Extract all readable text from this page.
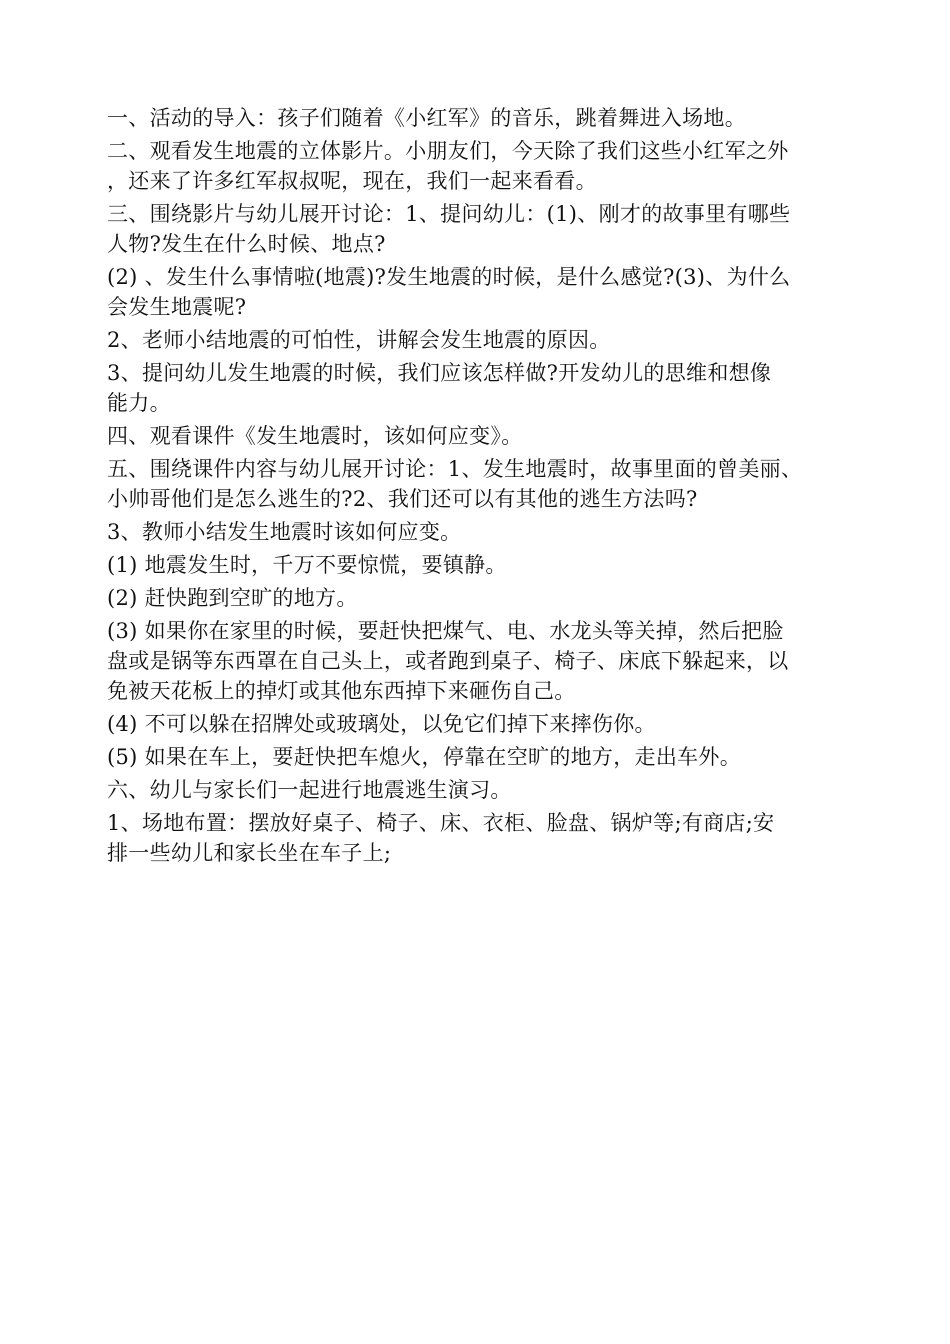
一、活动的导入：孩子们随着《小红军》的音乐，跳着舞进入场地。
二、观看发生地震的立体影片。小朋友们，今天除了我们这些小红军之外
，还来了许多红军叔叔呢，现在，我们一起来看看。
三、围绕影片与幼儿展开讨论：1、提问幼儿：(1)、刚才的故事里有哪些
人物?发生在什么时候、地点?
(2) 、发生什么事情啦(地震)?发生地震的时候，是什么感觉?(3)、为什么
会发生地震呢?
2、老师小结地震的可怕性，讲解会发生地震的原因。
3、提问幼儿发生地震的时候，我们应该怎样做?开发幼儿的思维和想像
能力。
四、观看课件《发生地震时，该如何应变》。
五、围绕课件内容与幼儿展开讨论：1、发生地震时，故事里面的曾美丽、
小帅哥他们是怎么逃生的?2、我们还可以有其他的逃生方法吗?
3、教师小结发生地震时该如何应变。
(1) 地震发生时，千万不要惊慌，要镇静。
(2) 赶快跑到空旷的地方。
(3) 如果你在家里的时候，要赶快把煤气、电、水龙头等关掉，然后把脸
盘或是锅等东西罩在自己头上，或者跑到桌子、椅子、床底下躲起来，以
免被天花板上的掉灯或其他东西掉下来砸伤自己。
(4) 不可以躲在招牌处或玻璃处，以免它们掉下来摔伤你。
(5) 如果在车上，要赶快把车熄火，停靠在空旷的地方，走出车外。
六、幼儿与家长们一起进行地震逃生演习。
1、场地布置：摆放好桌子、椅子、床、衣柜、脸盘、锅炉等;有商店;安
排一些幼儿和家长坐在车子上;
